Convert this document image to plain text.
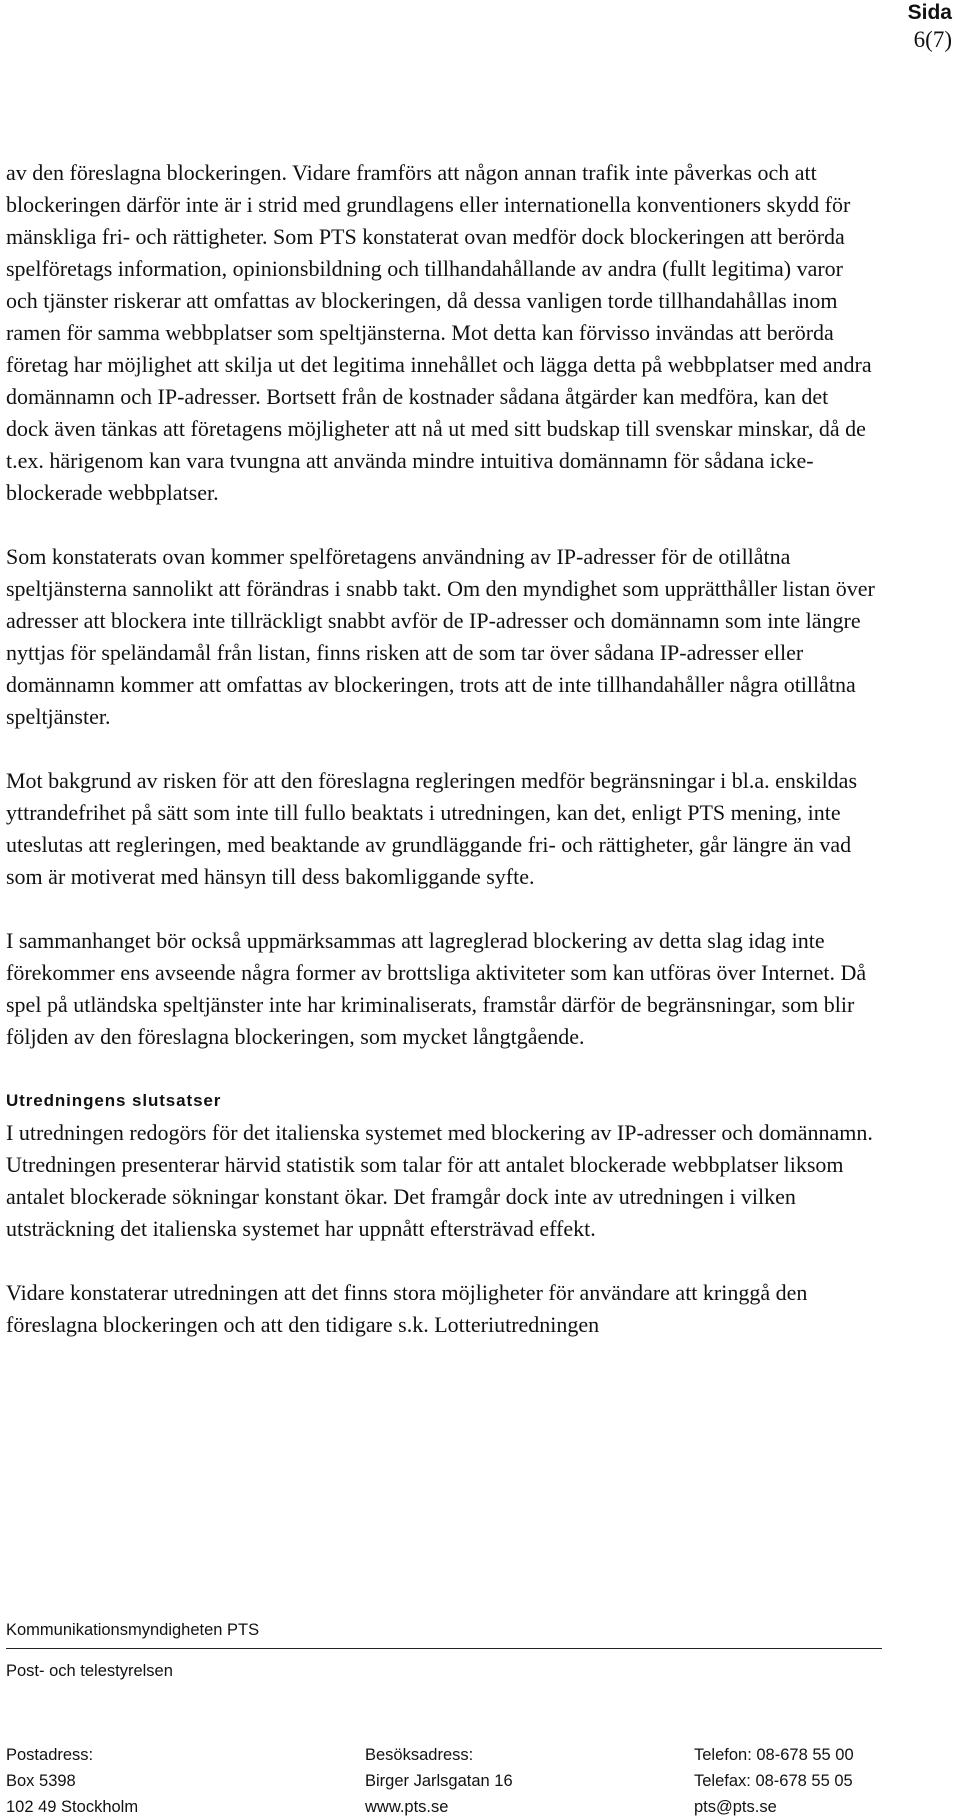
Sida
6(7)

av den föreslagna blockeringen. Vidare framförs att någon annan trafik inte påverkas och att blockeringen därför inte är i strid med grundlagens eller internationella konventioners skydd för mänskliga fri- och rättigheter. Som PTS konstaterat ovan medför dock blockeringen att berörda spelföretags information, opinionsbildning och tillhandahållande av andra (fullt legitima) varor och tjänster riskerar att omfattas av blockeringen, då dessa vanligen torde tillhandahållas inom ramen för samma webbplatser som speltjänsterna. Mot detta kan förvisso invändas att berörda företag har möjlighet att skilja ut det legitima innehållet och lägga detta på webbplatser med andra domännamn och IP-adresser. Bortsett från de kostnader sådana åtgärder kan medföra, kan det dock även tänkas att företagens möjligheter att nå ut med sitt budskap till svenskar minskar, då de t.ex. härigenom kan vara tvungna att använda mindre intuitiva domännamn för sådana icke-blockerade webbplatser.

Som konstaterats ovan kommer spelföretagens användning av IP-adresser för de otillåtna speltjänsterna sannolikt att förändras i snabb takt. Om den myndighet som upprätthåller listan över adresser att blockera inte tillräckligt snabbt avför de IP-adresser och domännamn som inte längre nyttjas för speländamål från listan, finns risken att de som tar över sådana IP-adresser eller domännamn kommer att omfattas av blockeringen, trots att de inte tillhandahåller några otillåtna speltjänster.

Mot bakgrund av risken för att den föreslagna regleringen medför begränsningar i bl.a. enskildas yttrandefrihet på sätt som inte till fullo beaktats i utredningen, kan det, enligt PTS mening, inte uteslutas att regleringen, med beaktande av grundläggande fri- och rättigheter, går längre än vad som är motiverat med hänsyn till dess bakomliggande syfte.

I sammanhanget bör också uppmärksammas att lagreglerad blockering av detta slag idag inte förekommer ens avseende några former av brottsliga aktiviteter som kan utföras över Internet. Då spel på utländska speltjänster inte har kriminaliserats, framstår därför de begränsningar, som blir följden av den föreslagna blockeringen, som mycket långtgående.

Utredningens slutsatser

I utredningen redogörs för det italienska systemet med blockering av IP-adresser och domännamn. Utredningen presenterar härvid statistik som talar för att antalet blockerade webbplatser liksom antalet blockerade sökningar konstant ökar. Det framgår dock inte av utredningen i vilken utsträckning det italienska systemet har uppnått eftersträvad effekt.

Vidare konstaterar utredningen att det finns stora möjligheter för användare att kringgå den föreslagna blockeringen och att den tidigare s.k. Lotteriutredningen

Kommunikationsmyndigheten PTS
Post- och telestyrelsen
Postadress:
Box 5398
102 49 Stockholm
Besöksadress:
Birger Jarlsgatan 16
www.pts.se
Telefon: 08-678 55 00
Telefax: 08-678 55 05
pts@pts.se
